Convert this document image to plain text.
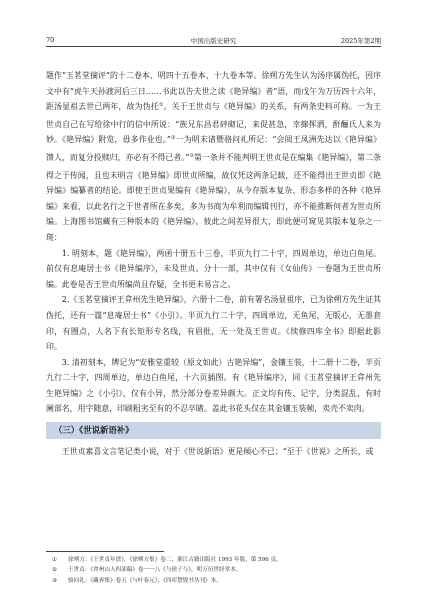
70	中国出版史研究	2025年第2期

题作“玉茗堂摘评”的十二卷本、明四十五卷本、十九卷本等。徐朔方先生认为汤序属伪托，因序文中有“虎午天孙渡河后三日……书此以告夫世之读《艳异编》者”语，而戊午为万历四十六年，距汤显祖去世已两年，故为伪托①。关于王世贞与《艳异编》的关系，有两条史料可称。一为王世贞自己在写给徐中行的信中所说：“族兄东昌君砰砌记，来促甚急，幸撺挥洒，酐酾氏人来为妙。《艳异编》附览，毋多作业也。”②一为明末诸暨骆问礼所记：“会阅王凤洲先达以《艳异编》馈人，而复分投赎归，亦必有不得已者。”③第一条并不能判明王世贞是在编集《艳异编》，第二条得之于传闻，且也未明言《艳异编》即世贞所编，故仅凭这两条记载，还不能得出王世贞即《艳异编》编纂者的结论。即使王世贞果编有《艳异编》，从今存版本复杂、形态多样的各种《艳异编》来看，以此名行之于世者所在多矣，多为书商为牟利而编辑刊行，亦不能推断何者为世贞所编。上海图书馆藏有三种版本的《艳异编》，彼此之间差异很大，即此便可窥见其版本复杂之一斑：

1. 明刻本，题《艳异编》，两函十册五十三卷，半页九行二十字，四周单边，单边白鱼尾。前仅有息庵居士书《艳异编序》，未及世贞。分十一部，其中仅有《女仙传》一卷题为王世贞所编。此卷是否王世贞所编尚且存疑，全书更未易言之。

2.《玉茗堂摘评王弇州先生艳异编》，六册十二卷，前有署名汤显祖序，已为徐朔方先生证其伪托，还有一篇“息庵居士书”《小引》。半页九行二十字，四周单边，无鱼尾，无版心，无墨套印，有圈点，人名下有长矩形专名线，有眉批，无一处及王世贞。《续修四库全书》即据此影印。

3. 清初刻本，牌记为“安雅堂重较（原文如此）古艳异编”，金镶玉装，十二册十二卷，半页九行二十字，四周单边，单边白鱼尾，十六页插图。有《艳异编序》，同《玉茗堂摘评王弇州先生艳异编》之《小引》，仅有小异，然分部分卷差异颇大。正文均有传、记字，分类混乱，有时阑部名，用字随意，印刷粗劣至有的不忍卒睹。盖此书花头仅在其金镶玉装帧，卖壳不卖肉。

（三）《世说新语补》

王世贞素喜文言笔记类小说，对于《世说新语》更是倾心不已；“至于《世说》之所长，或

① 徐朔方：《王世贞年谱》，《徐朔方集》卷二，浙江古籍出版社 1993 年版，第 596 页。
② 王世贞：《弇州山人四部稿》卷一一八《与徐子与》，明万历世经堂本。
③ 骆问礼：《藏弆集》卷五《与叶春元》，《四库禁毁书丛刊》本。
